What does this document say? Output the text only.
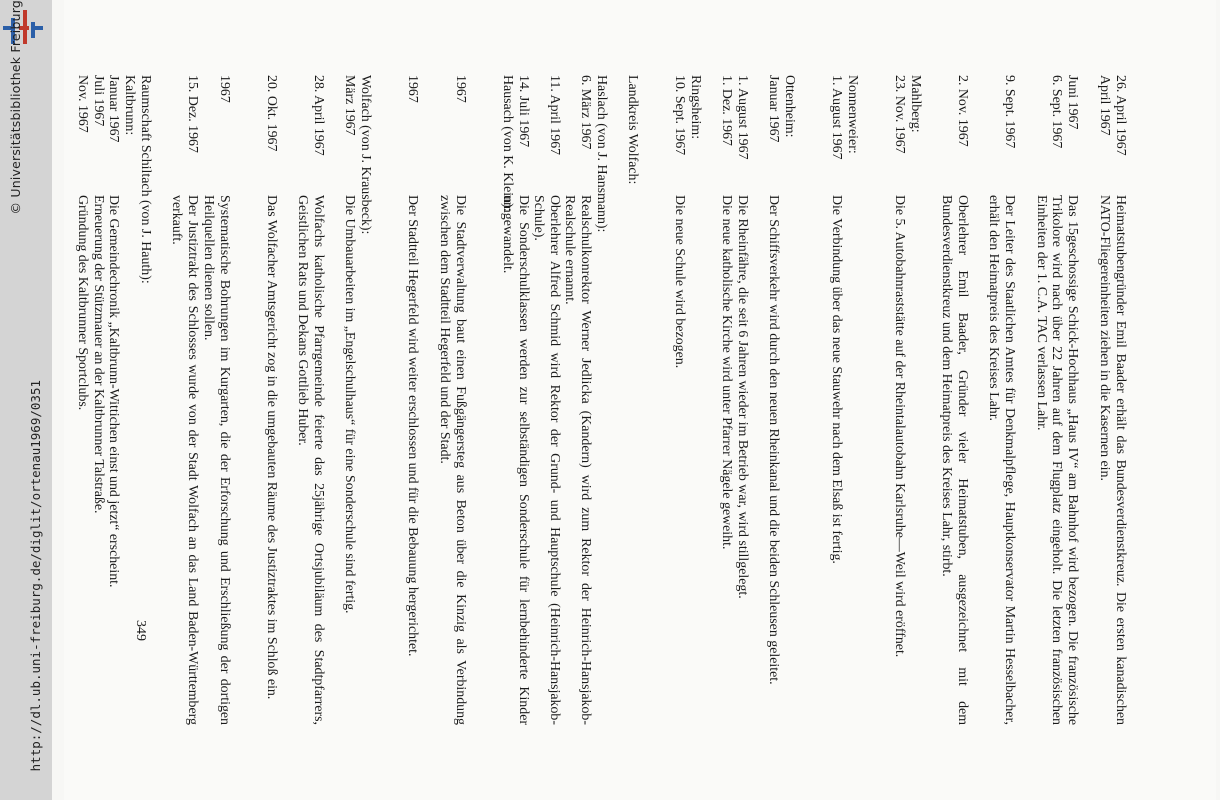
http://dl.ub.uni-freiburg.de/diglit/ortenau1969/0351
© Universitätsbibliothek Freiburg	26. April 1967
April 1967
Heimatstubengründer Emil Baader erhält das Bundesverdienstkreuz. Die ersten kanadischen NATO-Fliegereinheiten ziehen in die Kasernen ein.
Juni 1967
6. Sept. 1967
Das 15geschossige Schick-Hochhaus „Haus IV“ am Bahnhof wird bezogen. Die französische Trikolore wird nach über 22 Jahren auf dem Flugplatz eingeholt. Die letzten französischen Einheiten der 1. C.A. TAC verlassen Lahr.
9. Sept. 1967
Der Leiter des Staatlichen Amtes für Denkmalpflege, Hauptkonservator Martin Hesselbacher, erhält den Heimatpreis des Kreises Lahr.
2. Nov. 1967
Oberlehrer Emil Baader, Gründer vieler Heimatstuben, ausgezeichnet mit dem Bundesverdienstkreuz und dem Heimatpreis des Kreises Lahr, stirbt.
Mahlberg:
23. Nov. 1967
Die 5. Autobahnraststätte auf der Rheintalautobahn Karlsruhe—Weil wird eröffnet.
Nonnenweier:
1. August 1967
Die Verbindung über das neue Stauwehr nach dem Elsaß ist fertig.
Ottenheim:
Januar 1967
Der Schiffsverkehr wird durch den neuen Rheinkanal und die beiden Schleusen geleitet.
1. August 1967
Die Rheinfähre, die seit 6 Jahren wieder im Betrieb war, wird stillgelegt.
1. Dez. 1967
Die neue katholische Kirche wird unter Pfarrer Nägele geweiht.
Ringsheim:
10. Sept. 1967
Die neue Schule wird bezogen.
Landkreis Wolfach:
Haslach (von J. Hansmann):
6. März 1967
Realschulkonrektor Werner Jedlicka (Kandern) wird zum Rektor der Heinrich-Hansjakob-Realschule ernannt.
11. April 1967
Oberlehrer Alfred Schmid wird Rektor der Grund- und Hauptschule (Heinrich-Hansjakob-Schule).
14. Juli 1967
Die Sonderschulklassen werden zur selbständigen Sonderschule für lernbehinderte Kinder umgewandelt.
Hausach (von K. Klein):
1967
Die Stadtverwaltung baut einen Fußgängersteg aus Beton über die Kinzig als Verbindung zwischen dem Stadtteil Hegerfeld und der Stadt.
1967
Der Stadtteil Hegerfeld wird weiter erschlossen und für die Bebauung hergerichtet.
Wolfach (von J. Krausbeck):
März 1967
Die Umbauarbeiten im „Engelschulhaus“ für eine Sonderschule sind fertig.
28. April 1967
Wolfachs katholische Pfarrgemeinde feierte das 25jährige Ortsjubiläum des Stadtpfarrers, Geistlichen Rats und Dekans Gottlieb Huber.
20. Okt. 1967
Das Wolfacher Amtsgericht zog in die umgebauten Räume des Justiztraktes im Schloß ein.
1967
Systematische Bohrungen im Kurgarten, die der Erforschung und Erschließung der dortigen Heilquellen dienen sollen.
15. Dez. 1967
Der Justiztrakt des Schlosses wurde von der Stadt Wolfach an das Land Baden-Württemberg verkauft.
Raumschaft Schiltach (von J. Hauth):
Kaltbrunn:
Januar 1967
Die Gemeindechronik „Kaltbrunn-Wittichen einst und jetzt“ erscheint.
Juli 1967
Erneuerung der Stützmauer an der Kaltbrunner Talstraße.
Nov. 1967
Gründung des Kaltbrunner Sportclubs.
349
